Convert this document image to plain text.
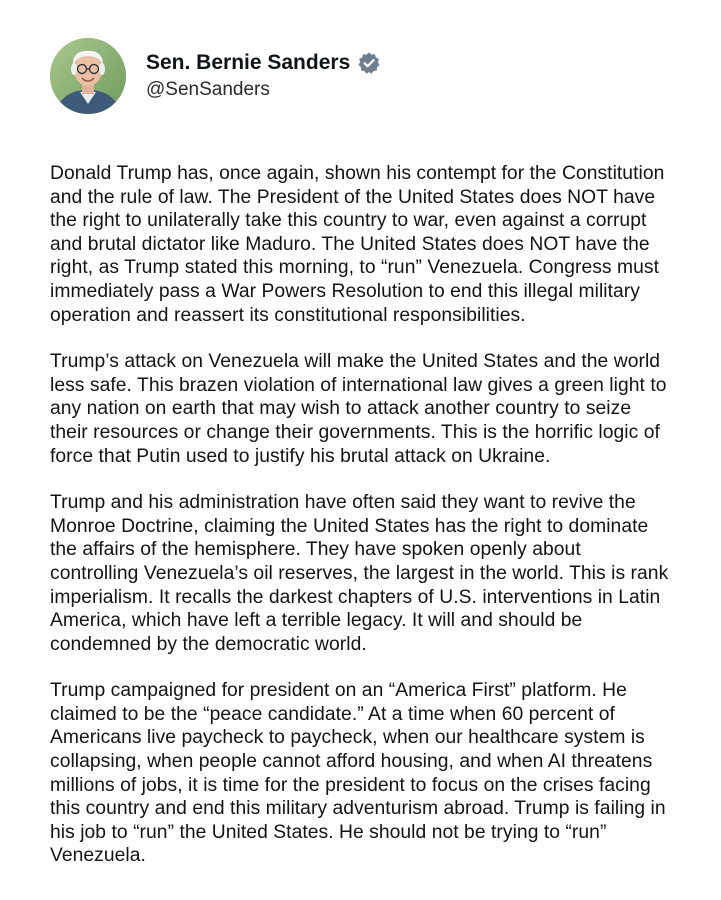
Sen. Bernie Sanders
@SenSanders

Donald Trump has, once again, shown his contempt for the Constitution and the rule of law. The President of the United States does NOT have the right to unilaterally take this country to war, even against a corrupt and brutal dictator like Maduro. The United States does NOT have the right, as Trump stated this morning, to “run” Venezuela. Congress must immediately pass a War Powers Resolution to end this illegal military operation and reassert its constitutional responsibilities.

Trump’s attack on Venezuela will make the United States and the world less safe. This brazen violation of international law gives a green light to any nation on earth that may wish to attack another country to seize their resources or change their governments. This is the horrific logic of force that Putin used to justify his brutal attack on Ukraine.

Trump and his administration have often said they want to revive the Monroe Doctrine, claiming the United States has the right to dominate the affairs of the hemisphere. They have spoken openly about controlling Venezuela’s oil reserves, the largest in the world. This is rank imperialism. It recalls the darkest chapters of U.S. interventions in Latin America, which have left a terrible legacy. It will and should be condemned by the democratic world.

Trump campaigned for president on an “America First” platform. He claimed to be the “peace candidate.” At a time when 60 percent of Americans live paycheck to paycheck, when our healthcare system is collapsing, when people cannot afford housing, and when AI threatens millions of jobs, it is time for the president to focus on the crises facing this country and end this military adventurism abroad. Trump is failing in his job to “run” the United States. He should not be trying to “run” Venezuela.
